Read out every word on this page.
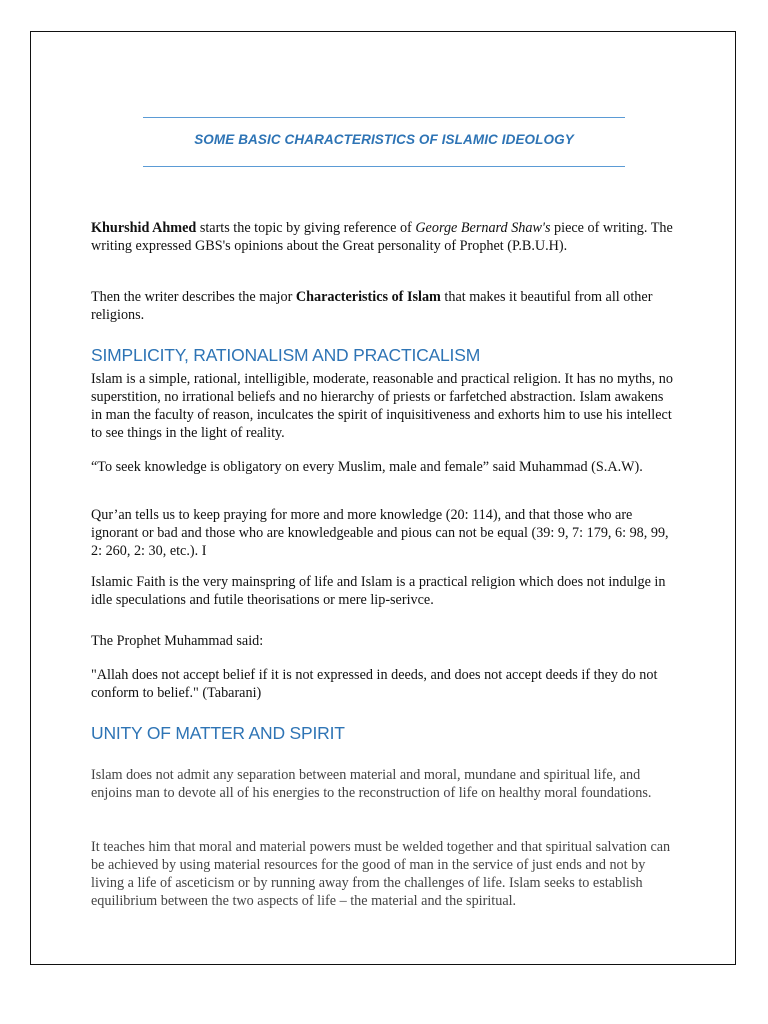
SOME BASIC CHARACTERISTICS OF ISLAMIC IDEOLOGY

Khurshid Ahmed starts the topic by giving reference of George Bernard Shaw's piece of writing. The writing expressed GBS's opinions about the Great personality of Prophet (P.B.U.H).

Then the writer describes the major Characteristics of Islam that makes it beautiful from all other religions.

SIMPLICITY, RATIONALISM AND PRACTICALISM

Islam is a simple, rational, intelligible, moderate, reasonable and practical religion. It has no myths, no superstition, no irrational beliefs and no hierarchy of priests or farfetched abstraction. Islam awakens in man the faculty of reason, inculcates the spirit of inquisitiveness and exhorts him to use his intellect to see things in the light of reality.

“To seek knowledge is obligatory on every Muslim, male and female” said Muhammad (S.A.W).

Qur’an tells us to keep praying for more and more knowledge (20: 114), and that those who are ignorant or bad and those who are knowledgeable and pious can not be equal (39: 9, 7: 179, 6: 98, 99, 2: 260, 2: 30, etc.). I

Islamic Faith is the very mainspring of life and Islam is a practical religion which does not indulge in idle speculations and futile theorisations or mere lip-serivce.

The Prophet Muhammad said:

"Allah does not accept belief if it is not expressed in deeds, and does not accept deeds if they do not conform to belief." (Tabarani)

UNITY OF MATTER AND SPIRIT

Islam does not admit any separation between material and moral, mundane and spiritual life, and enjoins man to devote all of his energies to the reconstruction of life on healthy moral foundations.

It teaches him that moral and material powers must be welded together and that spiritual salvation can be achieved by using material resources for the good of man in the service of just ends and not by living a life of asceticism or by running away from the challenges of life. Islam seeks to establish equilibrium between the two aspects of life – the material and the spiritual.
